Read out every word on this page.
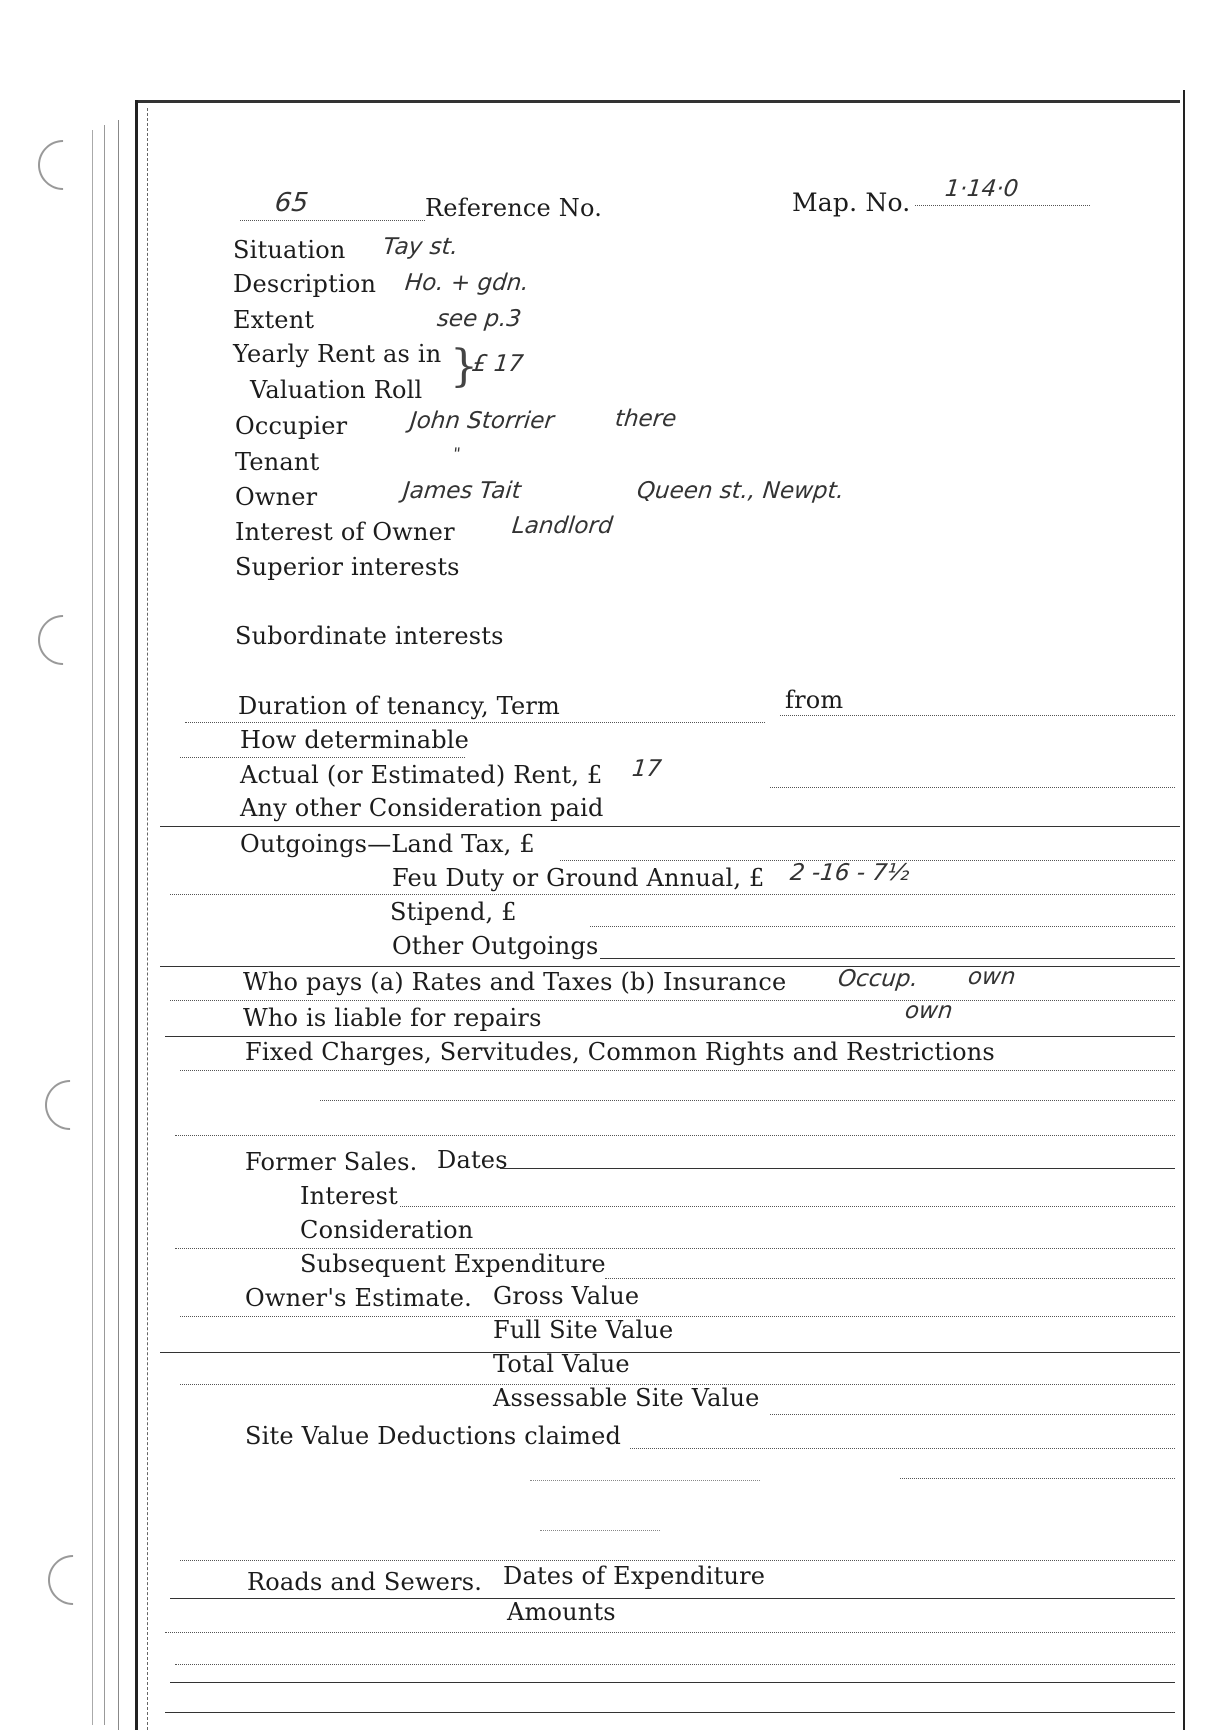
65	Reference No.	Map. No. 1·14·0
Situation Tay st.
Description Ho. + gdn.
Extent	see p.3
Yearly Rent as in
Valuation Roll }
£ 17
Occupier	John Storrier	there
Tenant	"
Owner	James Tait	Queen st., Newpt.
Interest of Owner Landlord
Superior interests
Subordinate interests
Duration of tenancy, Term	from
How determinable
Actual (or Estimated) Rent, £ 17
Any other Consideration paid
Outgoings—Land Tax, £
Feu Duty or Ground Annual, £ 2 -16 - 7½
Stipend, £
Other Outgoings
Who pays (a) Rates and Taxes (b) Insurance Occup. own
Who is liable for repairs	own
Fixed Charges, Servitudes, Common Rights and Restrictions
Former Sales. Dates
Interest
Consideration
Subsequent Expenditure
Owner's Estimate. Gross Value
Full Site Value
Total Value
Assessable Site Value
Site Value Deductions claimed
Roads and Sewers. Dates of Expenditure
Amounts
